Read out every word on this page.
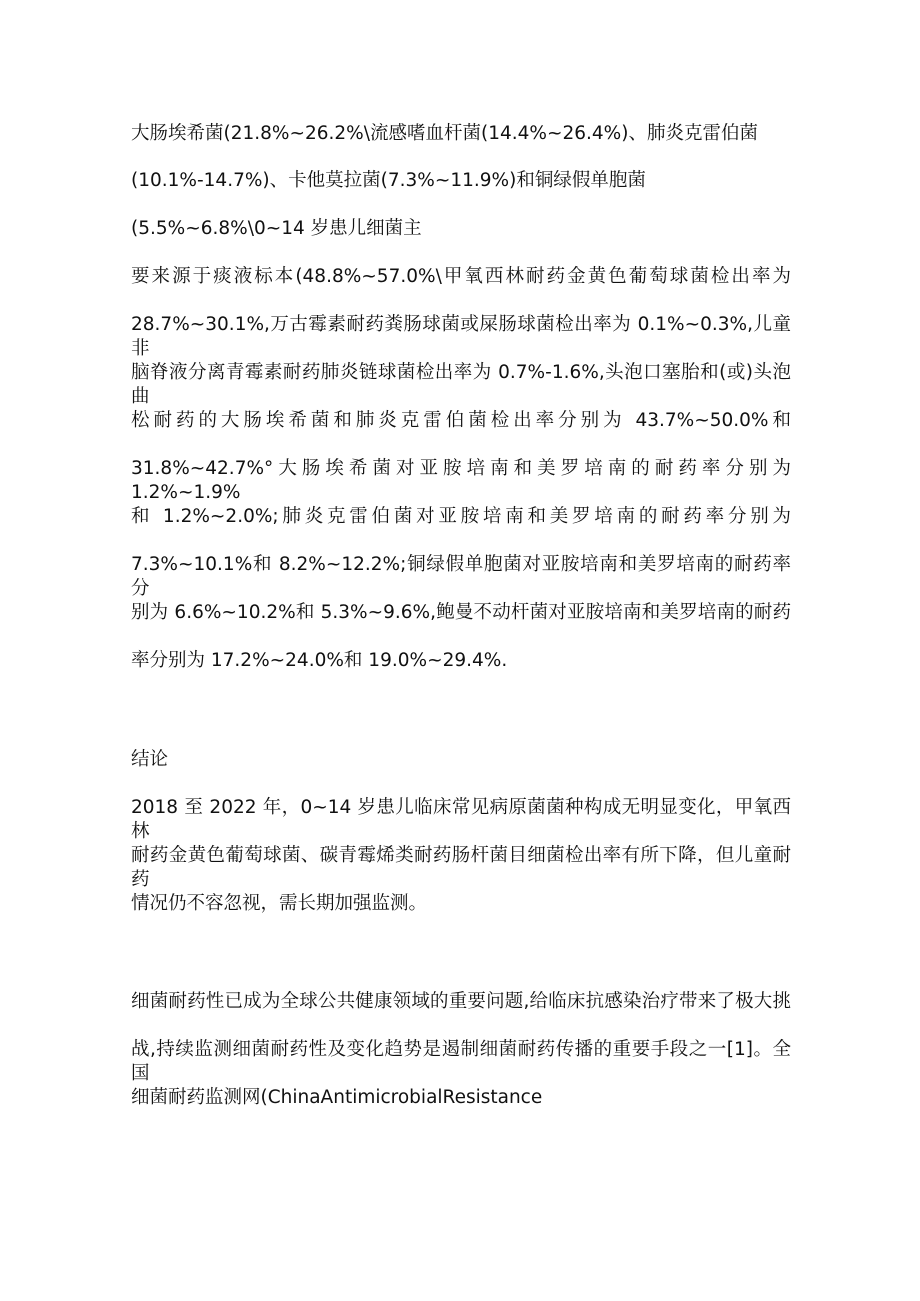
大肠埃希菌(21.8%~26.2%\流感嗜血杆菌(14.4%~26.4%)、肺炎克雷伯菌
(10.1%-14.7%)、卡他莫拉菌(7.3%~11.9%)和铜绿假单胞菌
(5.5%~6.8%\0~14 岁患儿细菌主
要来源于痰液标本(48.8%~57.0%\甲氧西林耐药金黄色葡萄球菌检出率为
28.7%~30.1%,万古霉素耐药粪肠球菌或屎肠球菌检出率为 0.1%~0.3%,儿童非
脑脊液分离青霉素耐药肺炎链球菌检出率为 0.7%-1.6%,头泡口塞胎和(或)头泡曲
松耐药的大肠埃希菌和肺炎克雷伯菌检出率分别为 43.7%~50.0%和
31.8%~42.7%°大肠埃希菌对亚胺培南和美罗培南的耐药率分别为 1.2%~1.9%
和 1.2%~2.0%;肺炎克雷伯菌对亚胺培南和美罗培南的耐药率分别为
7.3%~10.1%和 8.2%~12.2%;铜绿假单胞菌对亚胺培南和美罗培南的耐药率分
别为 6.6%~10.2%和 5.3%~9.6%,鲍曼不动杆菌对亚胺培南和美罗培南的耐药
率分别为 17.2%~24.0%和 19.0%~29.4%.
结论
2018 至 2022 年，0~14 岁患儿临床常见病原菌菌种构成无明显变化，甲氧西林
耐药金黄色葡萄球菌、碳青霉烯类耐药肠杆菌目细菌检出率有所下降，但儿童耐药
情况仍不容忽视，需长期加强监测。
细菌耐药性已成为全球公共健康领域的重要问题,给临床抗感染治疗带来了极大挑
战,持续监测细菌耐药性及变化趋势是遏制细菌耐药传播的重要手段之一[1]。全国
细菌耐药监测网(ChinaAntimicrobialResistance
